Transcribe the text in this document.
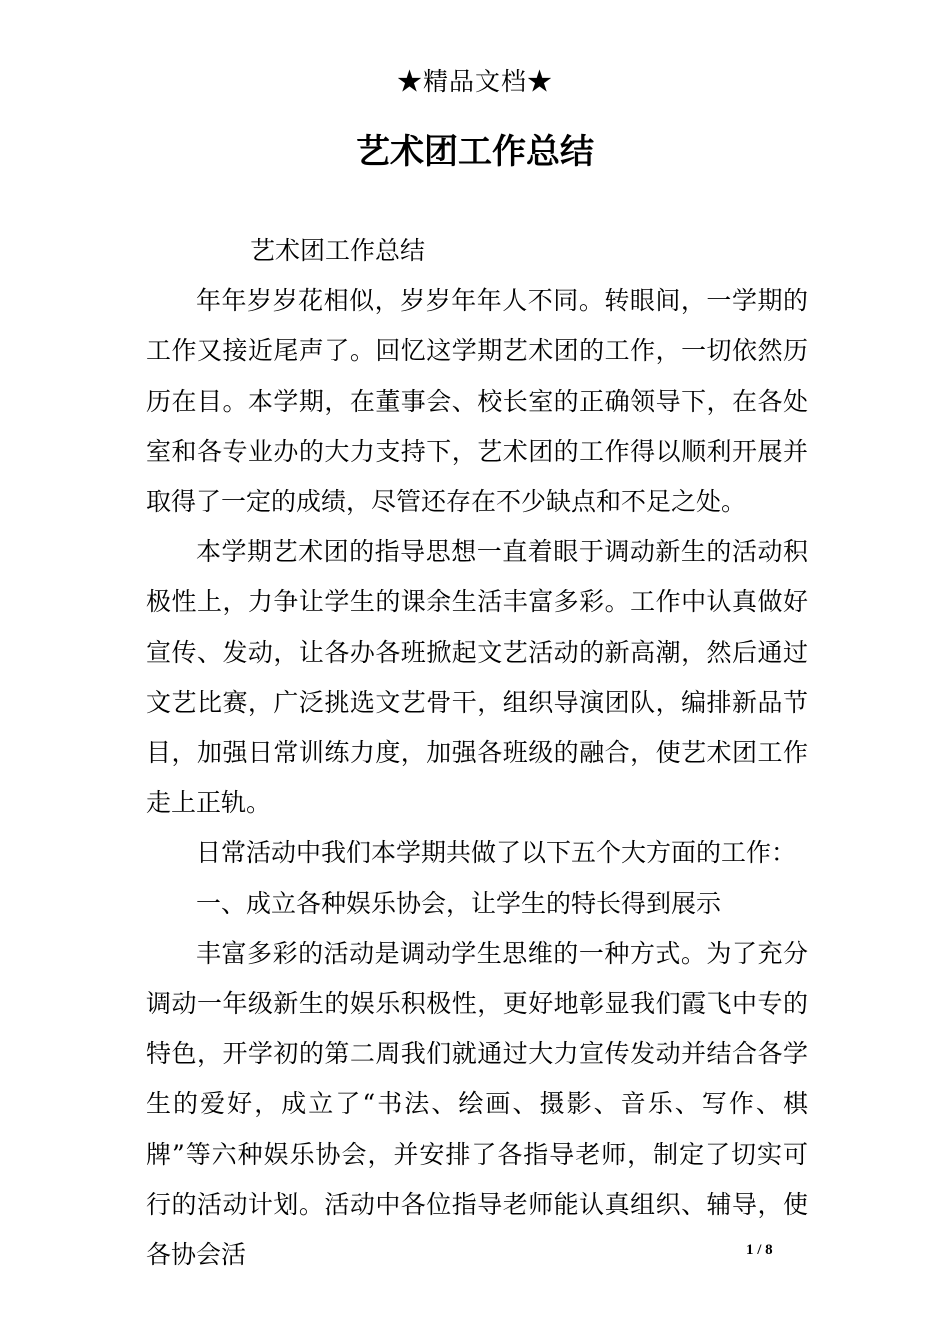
★精品文档★
艺术团工作总结

艺术团工作总结

年年岁岁花相似，岁岁年年人不同。转眼间，一学期的工作又接近尾声了。回忆这学期艺术团的工作，一切依然历历在目。本学期，在董事会、校长室的正确领导下，在各处室和各专业办的大力支持下，艺术团的工作得以顺利开展并取得了一定的成绩，尽管还存在不少缺点和不足之处。

本学期艺术团的指导思想一直着眼于调动新生的活动积极性上，力争让学生的课余生活丰富多彩。工作中认真做好宣传、发动，让各办各班掀起文艺活动的新高潮，然后通过文艺比赛，广泛挑选文艺骨干，组织导演团队，编排新品节目，加强日常训练力度，加强各班级的融合，使艺术团工作走上正轨。

日常活动中我们本学期共做了以下五个大方面的工作：

一、成立各种娱乐协会，让学生的特长得到展示

丰富多彩的活动是调动学生思维的一种方式。为了充分调动一年级新生的娱乐积极性，更好地彰显我们霞飞中专的特色，开学初的第二周我们就通过大力宣传发动并结合各学生的爱好，成立了“书法、绘画、摄影、音乐、写作、棋牌”等六种娱乐协会，并安排了各指导老师，制定了切实可行的活动计划。活动中各位指导老师能认真组织、辅导，使各协会活	1 / 8
